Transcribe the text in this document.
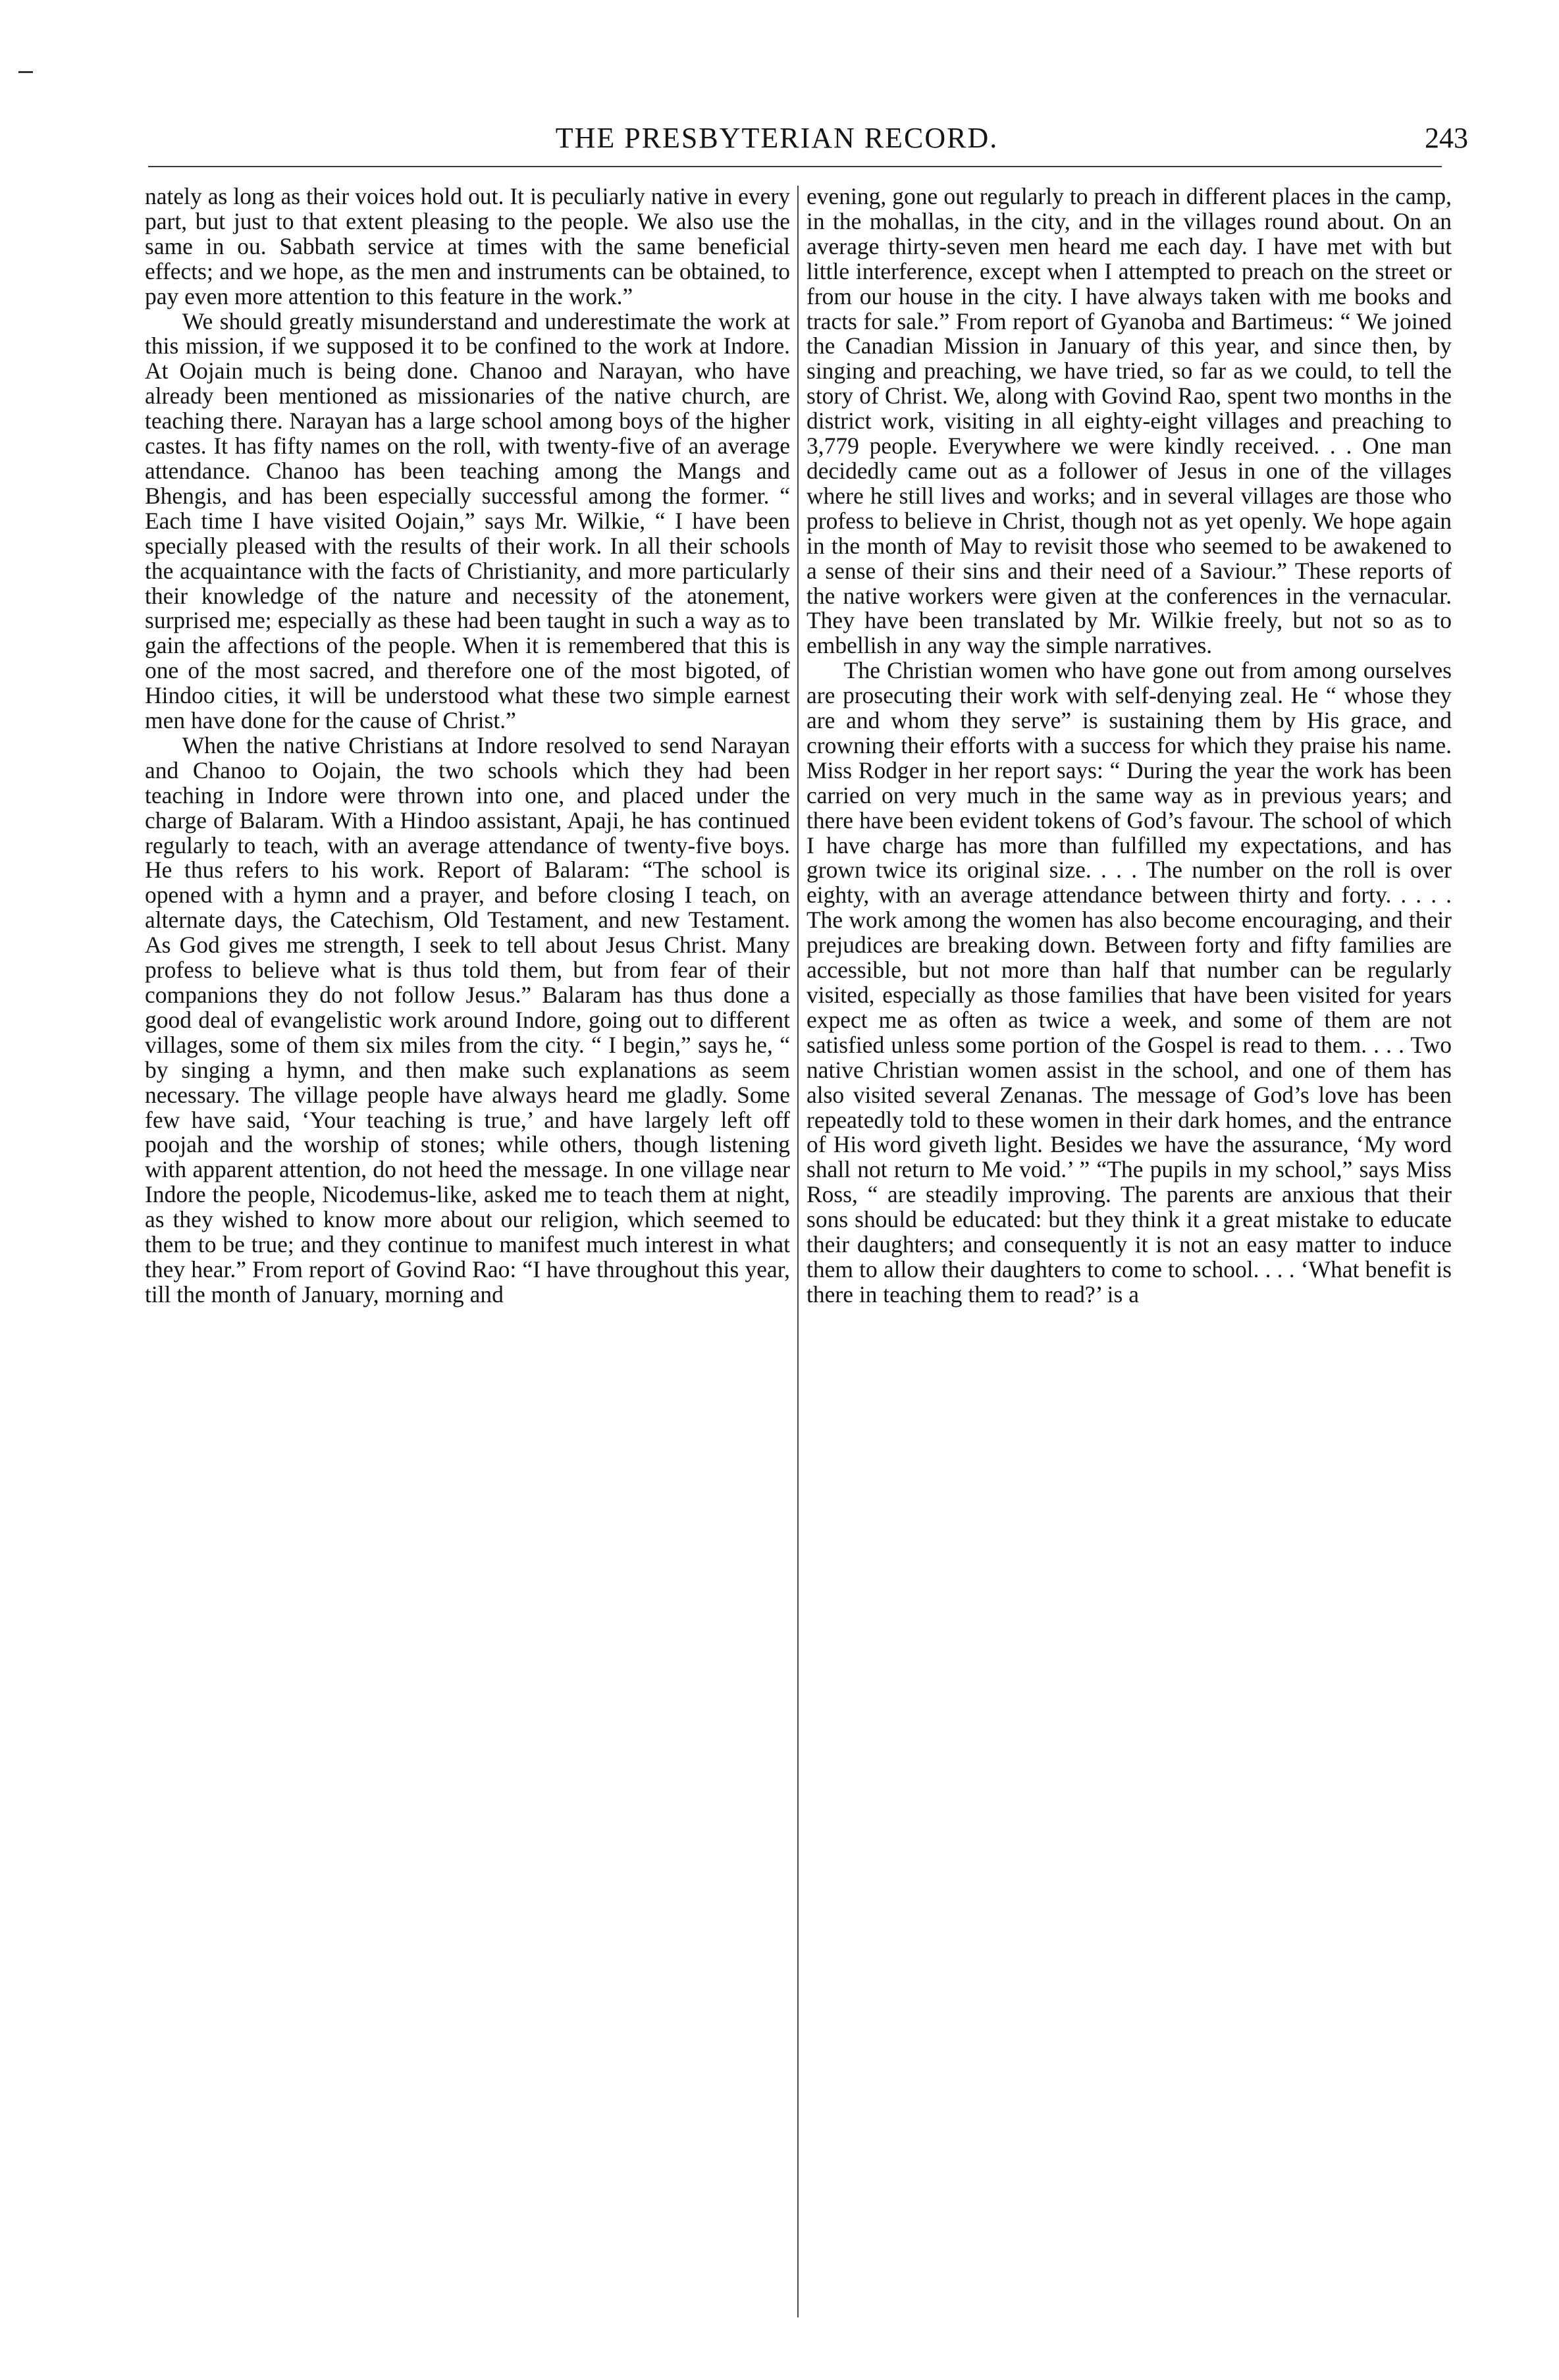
THE PRESBYTERIAN RECORD.	243

nately as long as their voices hold out. It is peculiarly native in every part, but just to that extent pleasing to the people. We also use the same in ou. Sabbath service at times with the same beneficial effects; and we hope, as the men and instruments can be obtained, to pay even more attention to this feature in the work.”

We should greatly misunderstand and underestimate the work at this mission, if we supposed it to be confined to the work at Indore. At Oojain much is being done. Chanoo and Narayan, who have already been mentioned as missionaries of the native church, are teaching there. Narayan has a large school among boys of the higher castes. It has fifty names on the roll, with twenty-five of an average attendance. Chanoo has been teaching among the Mangs and Bhengis, and has been especially successful among the former. “ Each time I have visited Oojain,” says Mr. Wilkie, “ I have been specially pleased with the results of their work. In all their schools the acquaintance with the facts of Christianity, and more particularly their knowledge of the nature and necessity of the atonement, surprised me; especially as these had been taught in such a way as to gain the affections of the people. When it is remembered that this is one of the most sacred, and therefore one of the most bigoted, of Hindoo cities, it will be understood what these two simple earnest men have done for the cause of Christ.”

When the native Christians at Indore resolved to send Narayan and Chanoo to Oojain, the two schools which they had been teaching in Indore were thrown into one, and placed under the charge of Balaram. With a Hindoo assistant, Apaji, he has continued regularly to teach, with an average attendance of twenty-five boys. He thus refers to his work. Report of Balaram: “The school is opened with a hymn and a prayer, and before closing I teach, on alternate days, the Catechism, Old Testament, and new Testament. As God gives me strength, I seek to tell about Jesus Christ. Many profess to believe what is thus told them, but from fear of their companions they do not follow Jesus.” Balaram has thus done a good deal of evangelistic work around Indore, going out to different villages, some of them six miles from the city. “ I begin,” says he, “ by singing a hymn, and then make such explanations as seem necessary. The village people have always heard me gladly. Some few have said, ‘Your teaching is true,’ and have largely left off poojah and the worship of stones; while others, though listening with apparent attention, do not heed the message. In one village near Indore the people, Nicodemus-like, asked me to teach them at night, as they wished to know more about our religion, which seemed to them to be true; and they continue to manifest much interest in what they hear.” From report of Govind Rao: “I have throughout this year, till the month of January, morning and

evening, gone out regularly to preach in different places in the camp, in the mohallas, in the city, and in the villages round about. On an average thirty-seven men heard me each day. I have met with but little interference, except when I attempted to preach on the street or from our house in the city. I have always taken with me books and tracts for sale.” From report of Gyanoba and Bartimeus: “ We joined the Canadian Mission in January of this year, and since then, by singing and preaching, we have tried, so far as we could, to tell the story of Christ. We, along with Govind Rao, spent two months in the district work, visiting in all eighty-eight villages and preaching to 3,779 people. Everywhere we were kindly received. . . One man decidedly came out as a follower of Jesus in one of the villages where he still lives and works; and in several villages are those who profess to believe in Christ, though not as yet openly. We hope again in the month of May to revisit those who seemed to be awakened to a sense of their sins and their need of a Saviour.” These reports of the native workers were given at the conferences in the vernacular. They have been translated by Mr. Wilkie freely, but not so as to embellish in any way the simple narratives.

The Christian women who have gone out from among ourselves are prosecuting their work with self-denying zeal. He “ whose they are and whom they serve” is sustaining them by His grace, and crowning their efforts with a success for which they praise his name. Miss Rodger in her report says: “ During the year the work has been carried on very much in the same way as in previous years; and there have been evident tokens of God’s favour. The school of which I have charge has more than fulfilled my expectations, and has grown twice its original size. . . . The number on the roll is over eighty, with an average attendance between thirty and forty. . . . . The work among the women has also become encouraging, and their prejudices are breaking down. Between forty and fifty families are accessible, but not more than half that number can be regularly visited, especially as those families that have been visited for years expect me as often as twice a week, and some of them are not satisfied unless some portion of the Gospel is read to them. . . . Two native Christian women assist in the school, and one of them has also visited several Zenanas. The message of God’s love has been repeatedly told to these women in their dark homes, and the entrance of His word giveth light. Besides we have the assurance, ‘My word shall not return to Me void.’ ” “The pupils in my school,” says Miss Ross, “ are steadily improving. The parents are anxious that their sons should be educated: but they think it a great mistake to educate their daughters; and consequently it is not an easy matter to induce them to allow their daughters to come to school. . . . ‘What benefit is there in teaching them to read?’ is a
